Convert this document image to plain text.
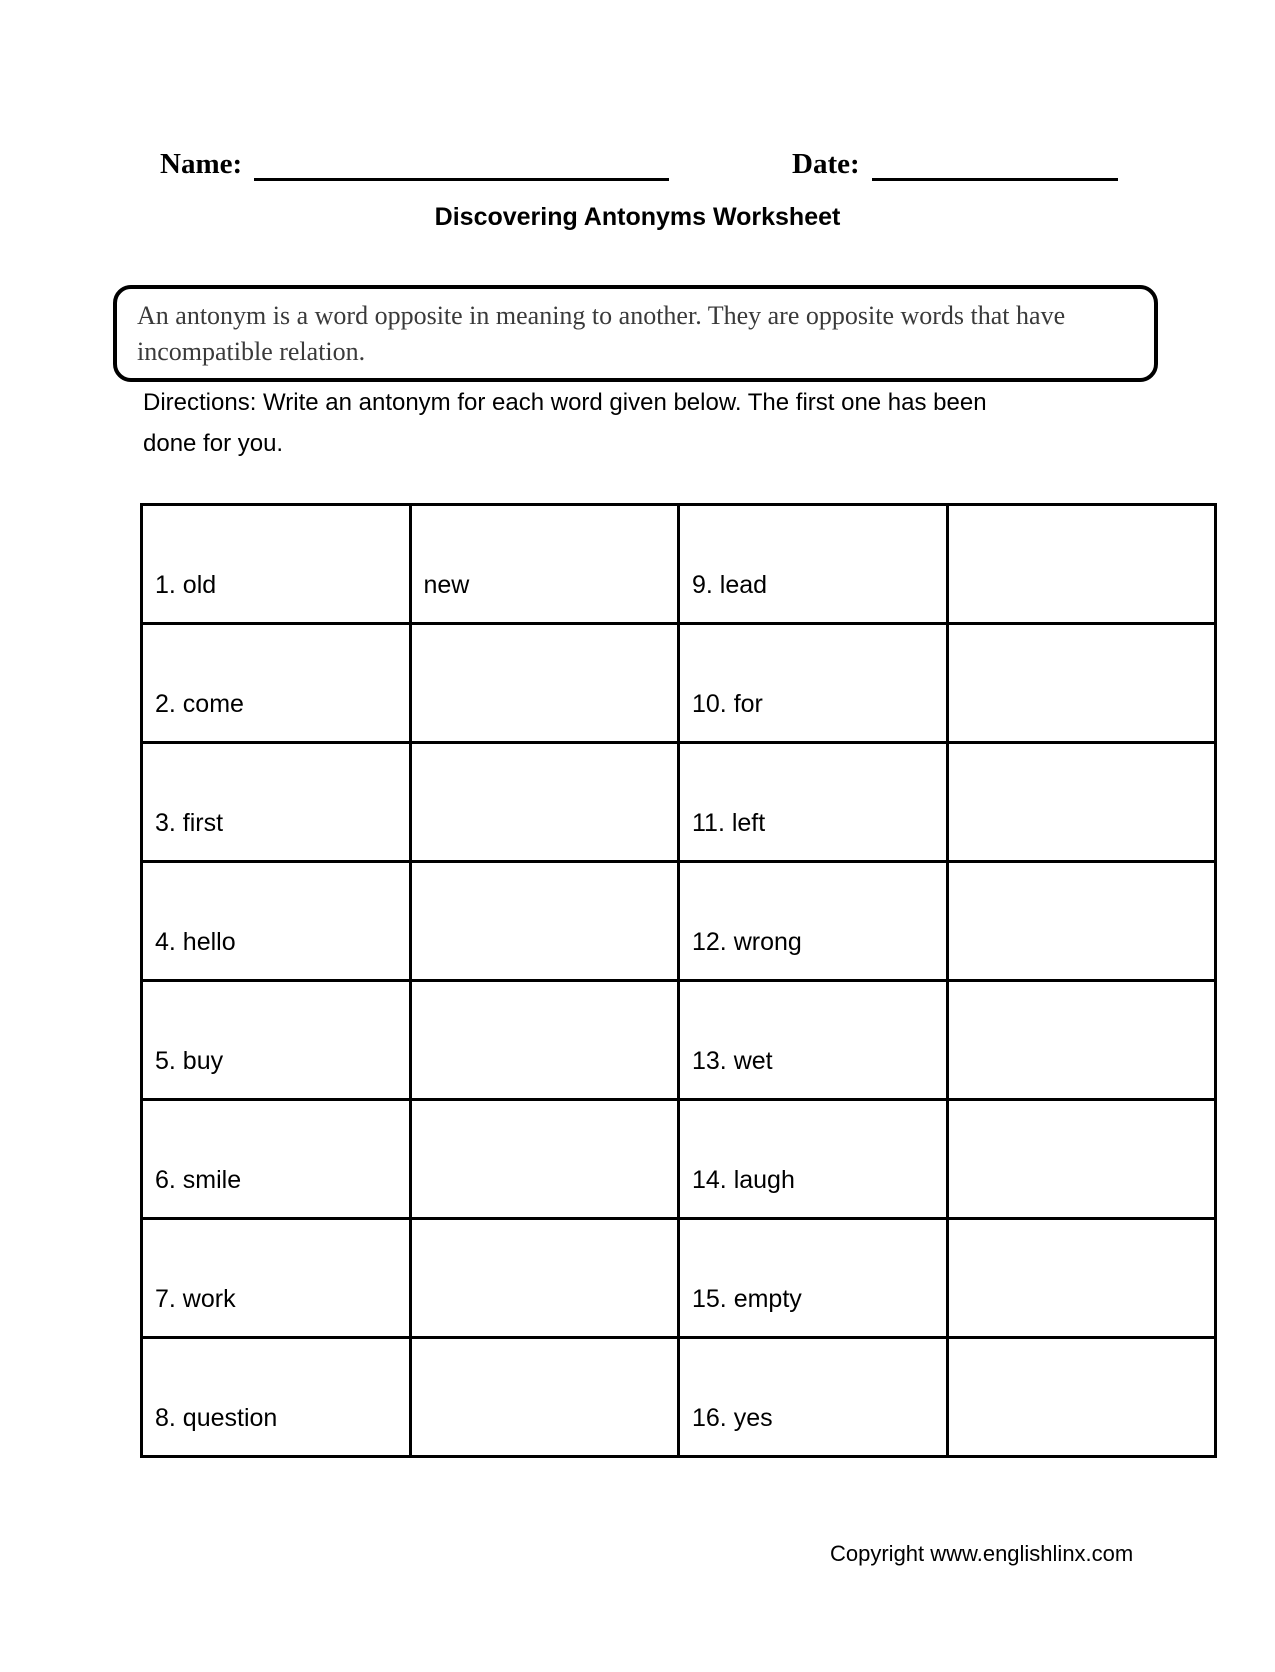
Name:	Date:
Discovering Antonyms Worksheet
An antonym is a word opposite in meaning to another. They are opposite words that have incompatible relation.
Directions: Write an antonym for each word given below. The first one has been
done for you.
1. old	new	9. lead	
2. come		10. for	
3. first		11. left	
4. hello		12. wrong	
5. buy		13. wet	
6. smile		14. laugh	
7. work		15. empty	
8. question		16. yes	
Copyright www.englishlinx.com
